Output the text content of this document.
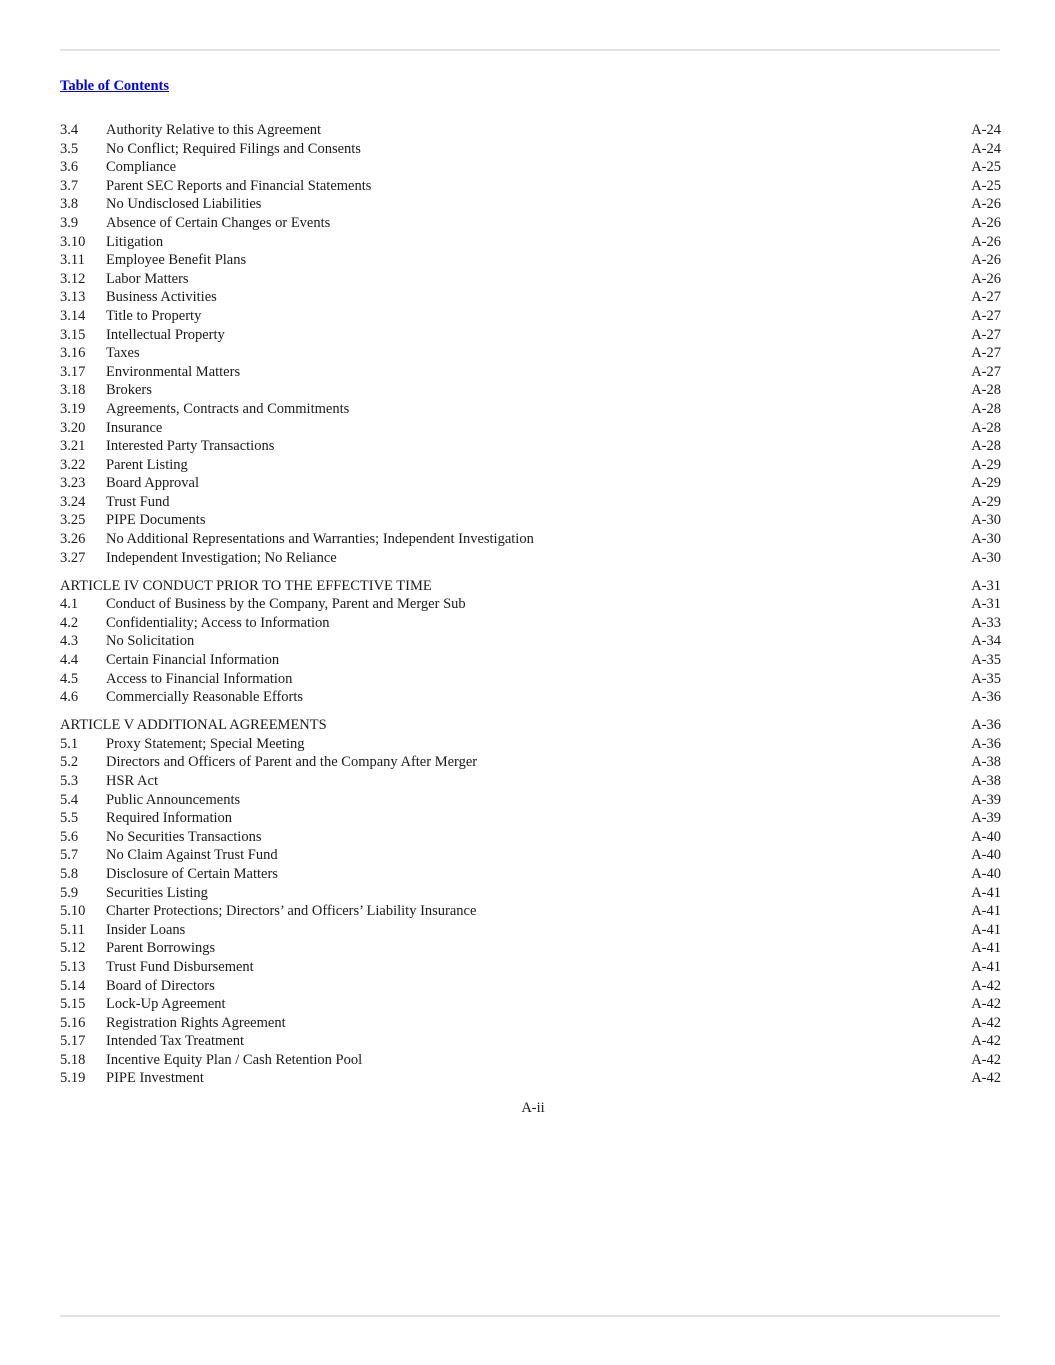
Table of Contents
3.4	Authority Relative to this Agreement	A-24
3.5	No Conflict; Required Filings and Consents	A-24
3.6	Compliance	A-25
3.7	Parent SEC Reports and Financial Statements	A-25
3.8	No Undisclosed Liabilities	A-26
3.9	Absence of Certain Changes or Events	A-26
3.10	Litigation	A-26
3.11	Employee Benefit Plans	A-26
3.12	Labor Matters	A-26
3.13	Business Activities	A-27
3.14	Title to Property	A-27
3.15	Intellectual Property	A-27
3.16	Taxes	A-27
3.17	Environmental Matters	A-27
3.18	Brokers	A-28
3.19	Agreements, Contracts and Commitments	A-28
3.20	Insurance	A-28
3.21	Interested Party Transactions	A-28
3.22	Parent Listing	A-29
3.23	Board Approval	A-29
3.24	Trust Fund	A-29
3.25	PIPE Documents	A-30
3.26	No Additional Representations and Warranties; Independent Investigation	A-30
3.27	Independent Investigation; No Reliance	A-30
ARTICLE IV CONDUCT PRIOR TO THE EFFECTIVE TIME	A-31
4.1	Conduct of Business by the Company, Parent and Merger Sub	A-31
4.2	Confidentiality; Access to Information	A-33
4.3	No Solicitation	A-34
4.4	Certain Financial Information	A-35
4.5	Access to Financial Information	A-35
4.6	Commercially Reasonable Efforts	A-36
ARTICLE V ADDITIONAL AGREEMENTS	A-36
5.1	Proxy Statement; Special Meeting	A-36
5.2	Directors and Officers of Parent and the Company After Merger	A-38
5.3	HSR Act	A-38
5.4	Public Announcements	A-39
5.5	Required Information	A-39
5.6	No Securities Transactions	A-40
5.7	No Claim Against Trust Fund	A-40
5.8	Disclosure of Certain Matters	A-40
5.9	Securities Listing	A-41
5.10	Charter Protections; Directors’ and Officers’ Liability Insurance	A-41
5.11	Insider Loans	A-41
5.12	Parent Borrowings	A-41
5.13	Trust Fund Disbursement	A-41
5.14	Board of Directors	A-42
5.15	Lock-Up Agreement	A-42
5.16	Registration Rights Agreement	A-42
5.17	Intended Tax Treatment	A-42
5.18	Incentive Equity Plan / Cash Retention Pool	A-42
5.19	PIPE Investment	A-42
A-ii
